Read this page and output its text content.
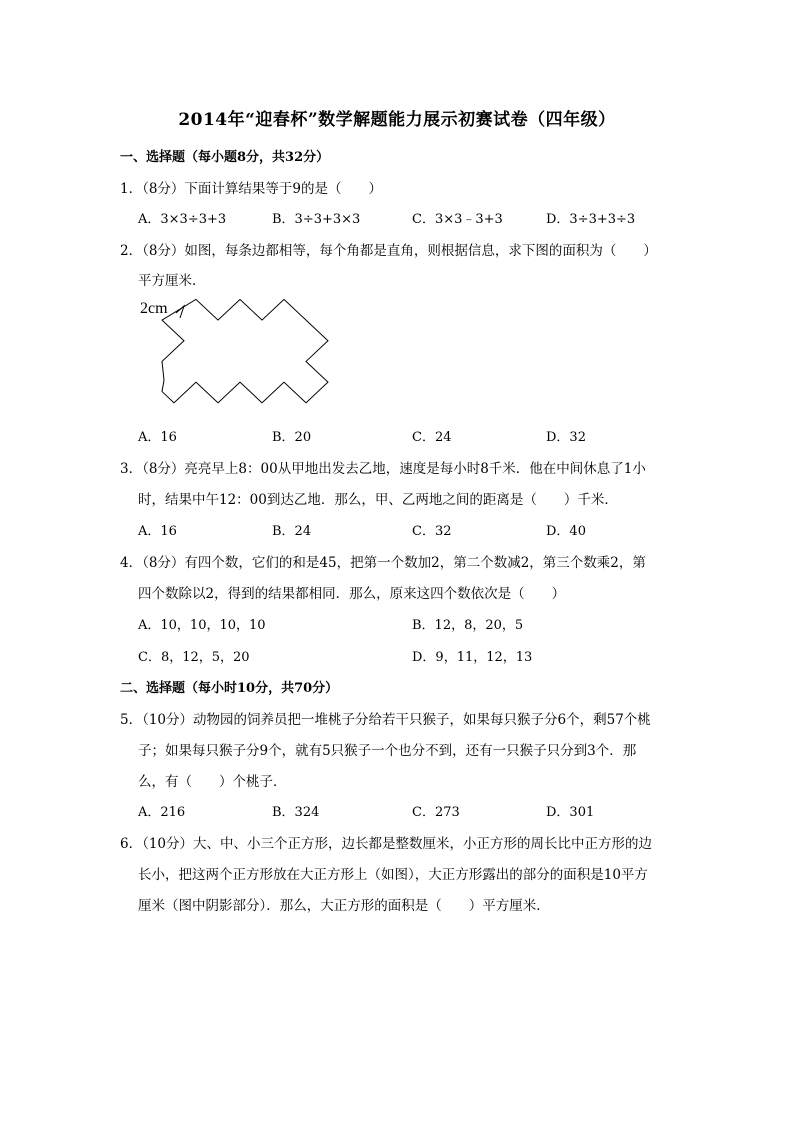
2014年“迎春杯”数学解题能力展示初赛试卷（四年级）
一、选择题（每小题8分，共32分）
1．（8分）下面计算结果等于9的是（　　）
A．3×3÷3+3	B．3÷3+3×3	C．3×3﹣3+3	D．3÷3+3÷3
2．（8分）如图，每条边都相等，每个角都是直角，则根据信息，求下图的面积为（　　）
平方厘米．
2cm
A．16	B．20	C．24	D．32
3．（8分）亮亮早上8：00从甲地出发去乙地，速度是每小时8千米．他在中间休息了1小
时，结果中午12：00到达乙地．那么，甲、乙两地之间的距离是（　　）千米．
A．16	B．24	C．32	D．40
4．（8分）有四个数，它们的和是45，把第一个数加2，第二个数减2，第三个数乘2，第
四个数除以2，得到的结果都相同．那么，原来这四个数依次是（　　）
A．10，10，10，10	B．12，8，20，5
C．8，12，5，20	D．9，11，12，13
二、选择题（每小时10分，共70分）
5．（10分）动物园的饲养员把一堆桃子分给若干只猴子，如果每只猴子分6个，剩57个桃
子；如果每只猴子分9个，就有5只猴子一个也分不到，还有一只猴子只分到3个．那
么，有（　　）个桃子．
A．216	B．324	C．273	D．301
6．（10分）大、中、小三个正方形，边长都是整数厘米，小正方形的周长比中正方形的边
长小，把这两个正方形放在大正方形上（如图），大正方形露出的部分的面积是10平方
厘米（图中阴影部分）．那么，大正方形的面积是（　　）平方厘米．
